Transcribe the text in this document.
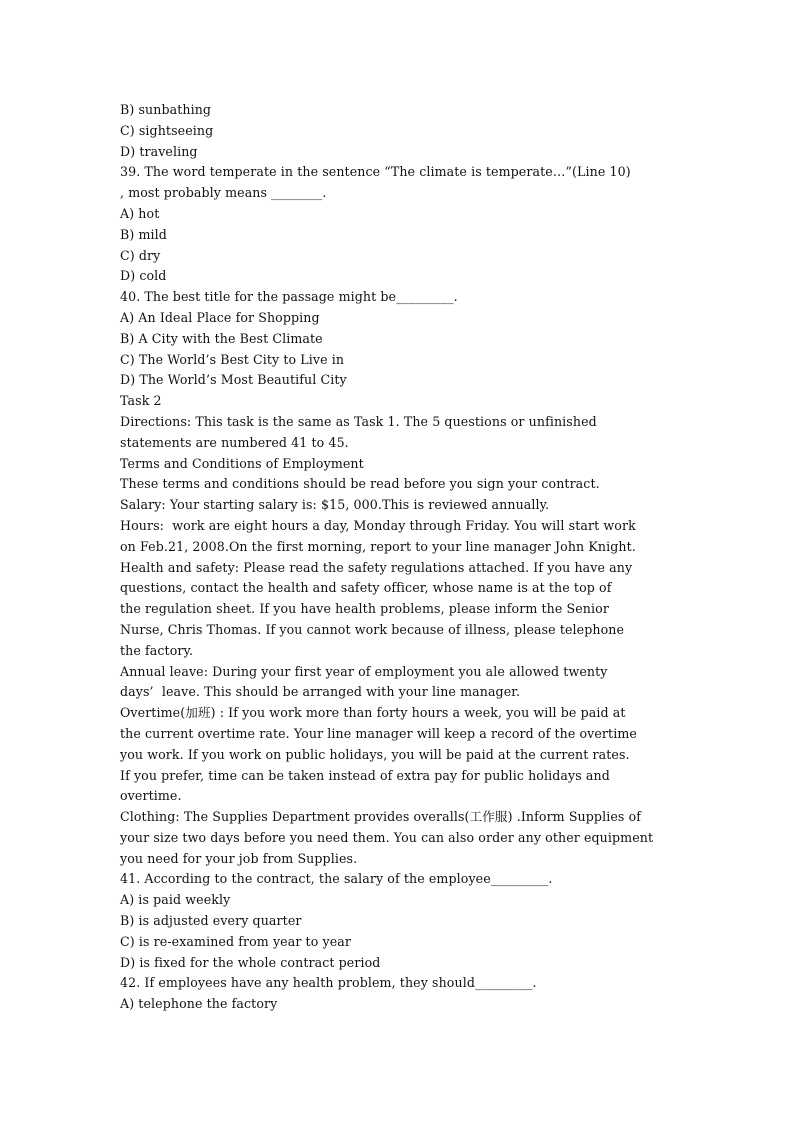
B) sunbathing
C) sightseeing
D) traveling
39. The word temperate in the sentence “The climate is temperate…”(Line 10)
, most probably means ________.
A) hot
B) mild
C) dry
D) cold
40. The best title for the passage might be_________.
A) An Ideal Place for Shopping
B) A City with the Best Climate
C) The World’s Best City to Live in
D) The World’s Most Beautiful City
Task 2
Directions: This task is the same as Task 1. The 5 questions or unfinished
statements are numbered 41 to 45.
Terms and Conditions of Employment
These terms and conditions should be read before you sign your contract.
Salary: Your starting salary is: $15, 000.This is reviewed annually.
Hours:  work are eight hours a day, Monday through Friday. You will start work
on Feb.21, 2008.On the first morning, report to your line manager John Knight.
Health and safety: Please read the safety regulations attached. If you have any
questions, contact the health and safety officer, whose name is at the top of
the regulation sheet. If you have health problems, please inform the Senior
Nurse, Chris Thomas. If you cannot work because of illness, please telephone
the factory.
Annual leave: During your first year of employment you ale allowed twenty
days’  leave. This should be arranged with your line manager.
Overtime(加班) : If you work more than forty hours a week, you will be paid at
the current overtime rate. Your line manager will keep a record of the overtime
you work. If you work on public holidays, you will be paid at the current rates.
If you prefer, time can be taken instead of extra pay for public holidays and
overtime.
Clothing: The Supplies Department provides overalls(工作服) .Inform Supplies of
your size two days before you need them. You can also order any other equipment
you need for your job from Supplies.
41. According to the contract, the salary of the employee_________.
A) is paid weekly
B) is adjusted every quarter
C) is re-examined from year to year
D) is fixed for the whole contract period
42. If employees have any health problem, they should_________.
A) telephone the factory
